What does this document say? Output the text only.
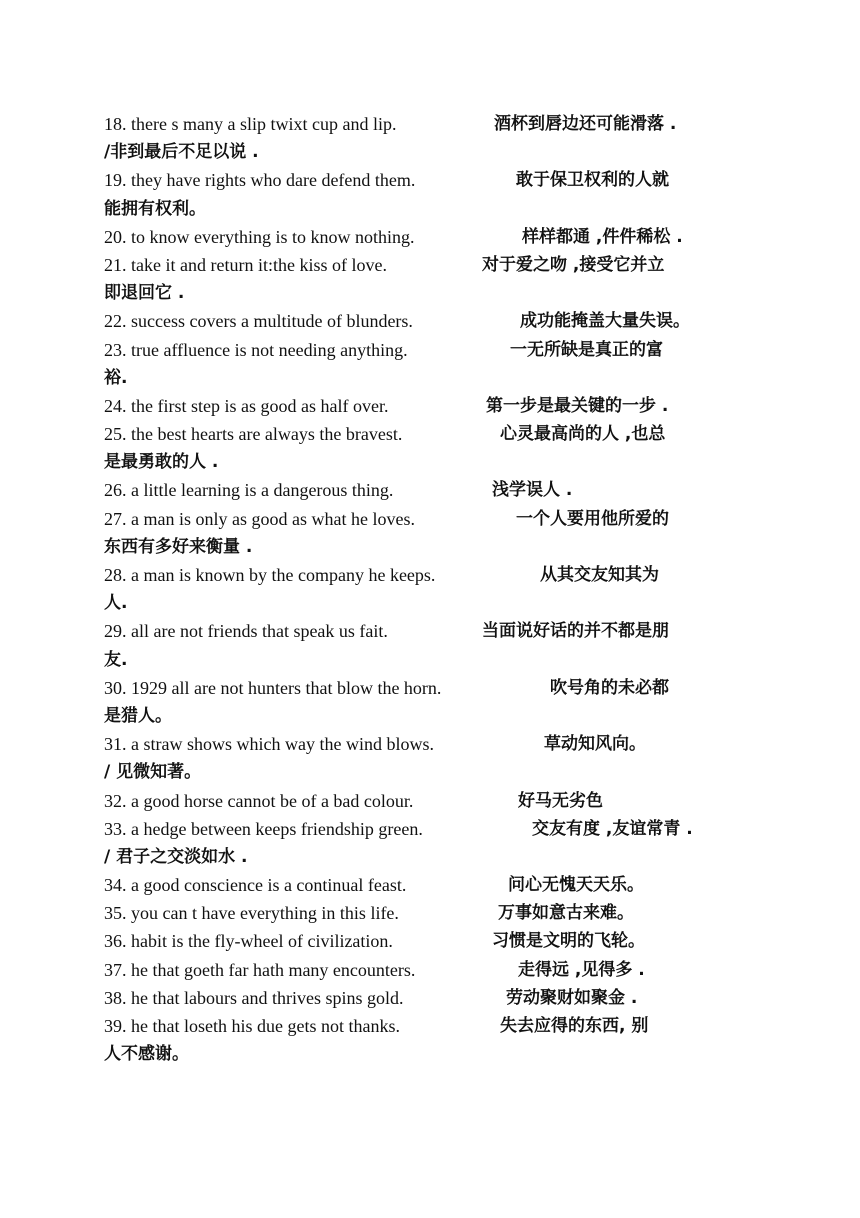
18. there s many a slip twixt cup and lip.	酒杯到唇边还可能滑落 .
/非到最后不足以说 .
19. they have rights who dare defend them.	敢于保卫权利的人就
能拥有权利。
20. to know everything is to know nothing.	样样都通 ,件件稀松 .
21. take it and return it:the kiss of love.	对于爱之吻 ,接受它并立
即退回它 .
22. success covers a multitude of blunders.	成功能掩盖大量失误。
23. true affluence is not needing anything.	一无所缺是真正的富
裕.
24. the first step is as good as half over.	第一步是最关键的一步 .
25. the best hearts are always the bravest.	心灵最高尚的人 ,也总
是最勇敢的人 .
26. a little learning is a dangerous thing.	浅学误人 .
27. a man is only as good as what he loves.	一个人要用他所爱的
东西有多好来衡量 .
28. a man is known by the company he keeps.	从其交友知其为
人.
29. all are not friends that speak us fait.	当面说好话的并不都是朋
友.
30. 1929 all are not hunters that blow the horn.	吹号角的未必都
是猎人。
31. a straw shows which way the wind blows.	草动知风向。
/ 见微知著。
32. a good horse cannot be of a bad colour.	好马无劣色
33. a hedge between keeps friendship green.	交友有度 ,友谊常青 .
/ 君子之交淡如水 .
34. a good conscience is a continual feast.	问心无愧天天乐。
35. you can t have everything in this life.	万事如意古来难。
36. habit is the fly-wheel of civilization.	习惯是文明的飞轮。
37. he that goeth far hath many encounters.	走得远 ,见得多 .
38. he that labours and thrives spins gold.	劳动聚财如聚金 .
39. he that loseth his due gets not thanks.	失去应得的东西, 别
人不感谢。
